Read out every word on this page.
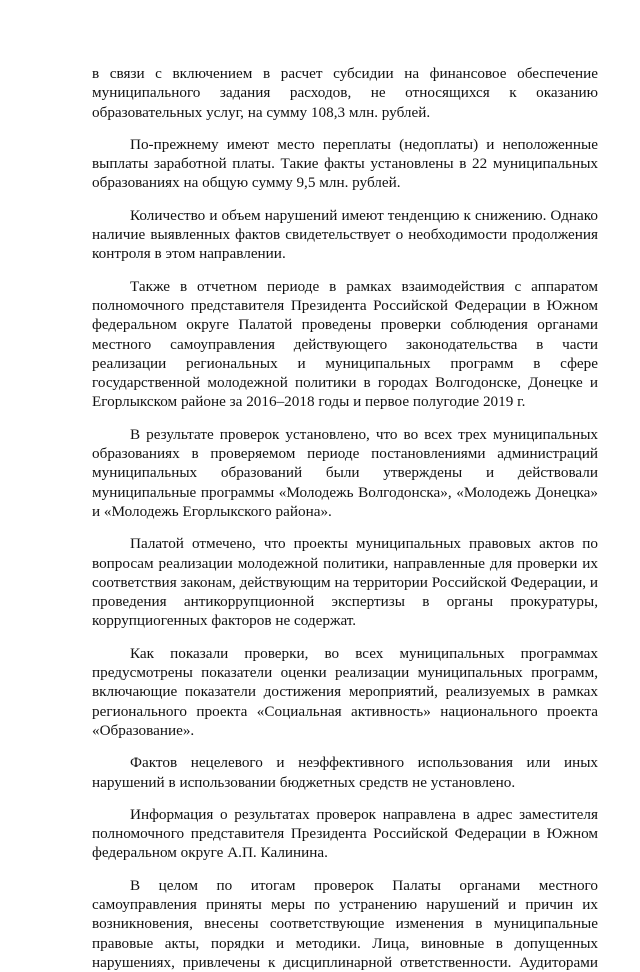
в связи с включением в расчет субсидии на финансовое обеспечение муниципального задания расходов, не относящихся к оказанию образовательных услуг, на сумму 108,3 млн. рублей.

По-прежнему имеют место переплаты (недоплаты) и неположенные выплаты заработной платы. Такие факты установлены в 22 муниципальных образованиях на общую сумму 9,5 млн. рублей.

Количество и объем нарушений имеют тенденцию к снижению. Однако наличие выявленных фактов свидетельствует о необходимости продолжения контроля в этом направлении.

Также в отчетном периоде в рамках взаимодействия с аппаратом полномочного представителя Президента Российской Федерации в Южном федеральном округе Палатой проведены проверки соблюдения органами местного самоуправления действующего законодательства в части реализации региональных и муниципальных программ в сфере государственной молодежной политики в городах Волгодонске, Донецке и Егорлыкском районе за 2016–2018 годы и первое полугодие 2019 г.

В результате проверок установлено, что во всех трех муниципальных образованиях в проверяемом периоде постановлениями администраций муниципальных образований были утверждены и действовали муниципальные программы «Молодежь Волгодонска», «Молодежь Донецка» и «Молодежь Егорлыкского района».

Палатой отмечено, что проекты муниципальных правовых актов по вопросам реализации молодежной политики, направленные для проверки их соответствия законам, действующим на территории Российской Федерации, и проведения антикоррупционной экспертизы в органы прокуратуры, коррупциогенных факторов не содержат.

Как показали проверки, во всех муниципальных программах предусмотрены показатели оценки реализации муниципальных программ, включающие показатели достижения мероприятий, реализуемых в рамках регионального проекта «Социальная активность» национального проекта «Образование».

Фактов нецелевого и неэффективного использования или иных нарушений в использовании бюджетных средств не установлено.

Информация о результатах проверок направлена в адрес заместителя полномочного представителя Президента Российской Федерации в Южном федеральном округе А.П. Калинина.

В целом по итогам проверок Палаты органами местного самоуправления приняты меры по устранению нарушений и причин их возникновения, внесены соответствующие изменения в муниципальные правовые акты, порядки и методики. Лица, виновные в допущенных нарушениях, привлечены к дисциплинарной ответственности. Аудиторами
